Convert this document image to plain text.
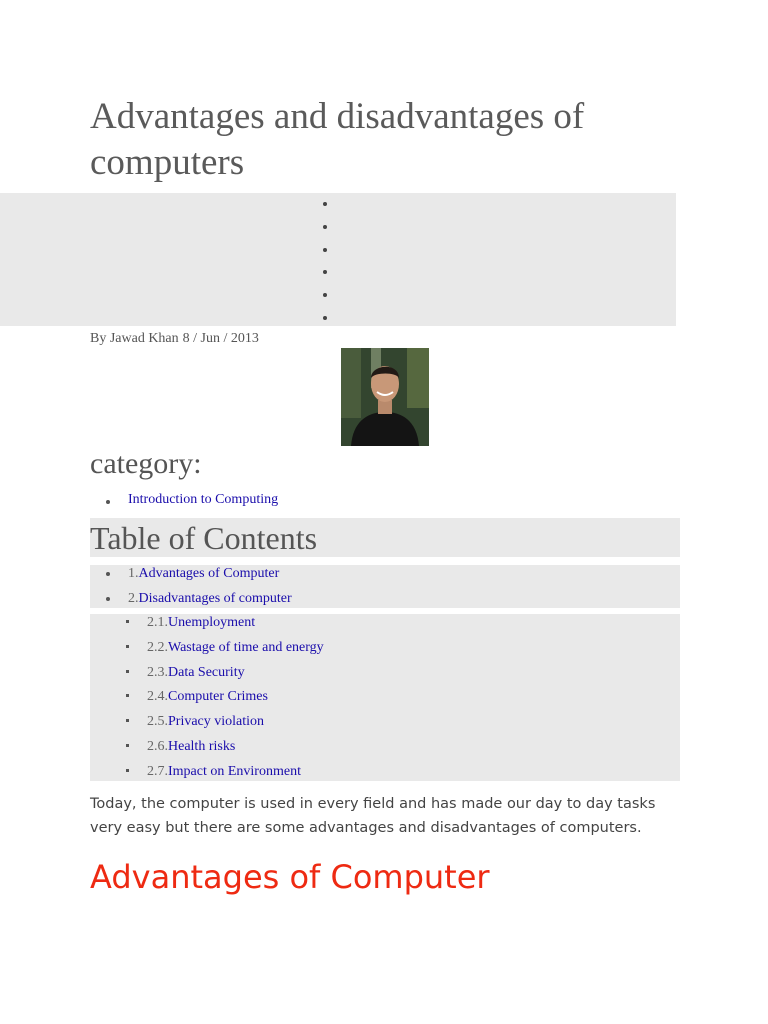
Advantages and disadvantages of computers
By Jawad Khan 8 / Jun / 2013
category:
Introduction to Computing
Table of Contents
1.Advantages of Computer
2.Disadvantages of computer
2.1.Unemployment
2.2.Wastage of time and energy
2.3.Data Security
2.4.Computer Crimes
2.5.Privacy violation
2.6.Health risks
2.7.Impact on Environment

Today, the computer is used in every field and has made our day to day tasks very easy but there are some advantages and disadvantages of computers.

Advantages of Computer
